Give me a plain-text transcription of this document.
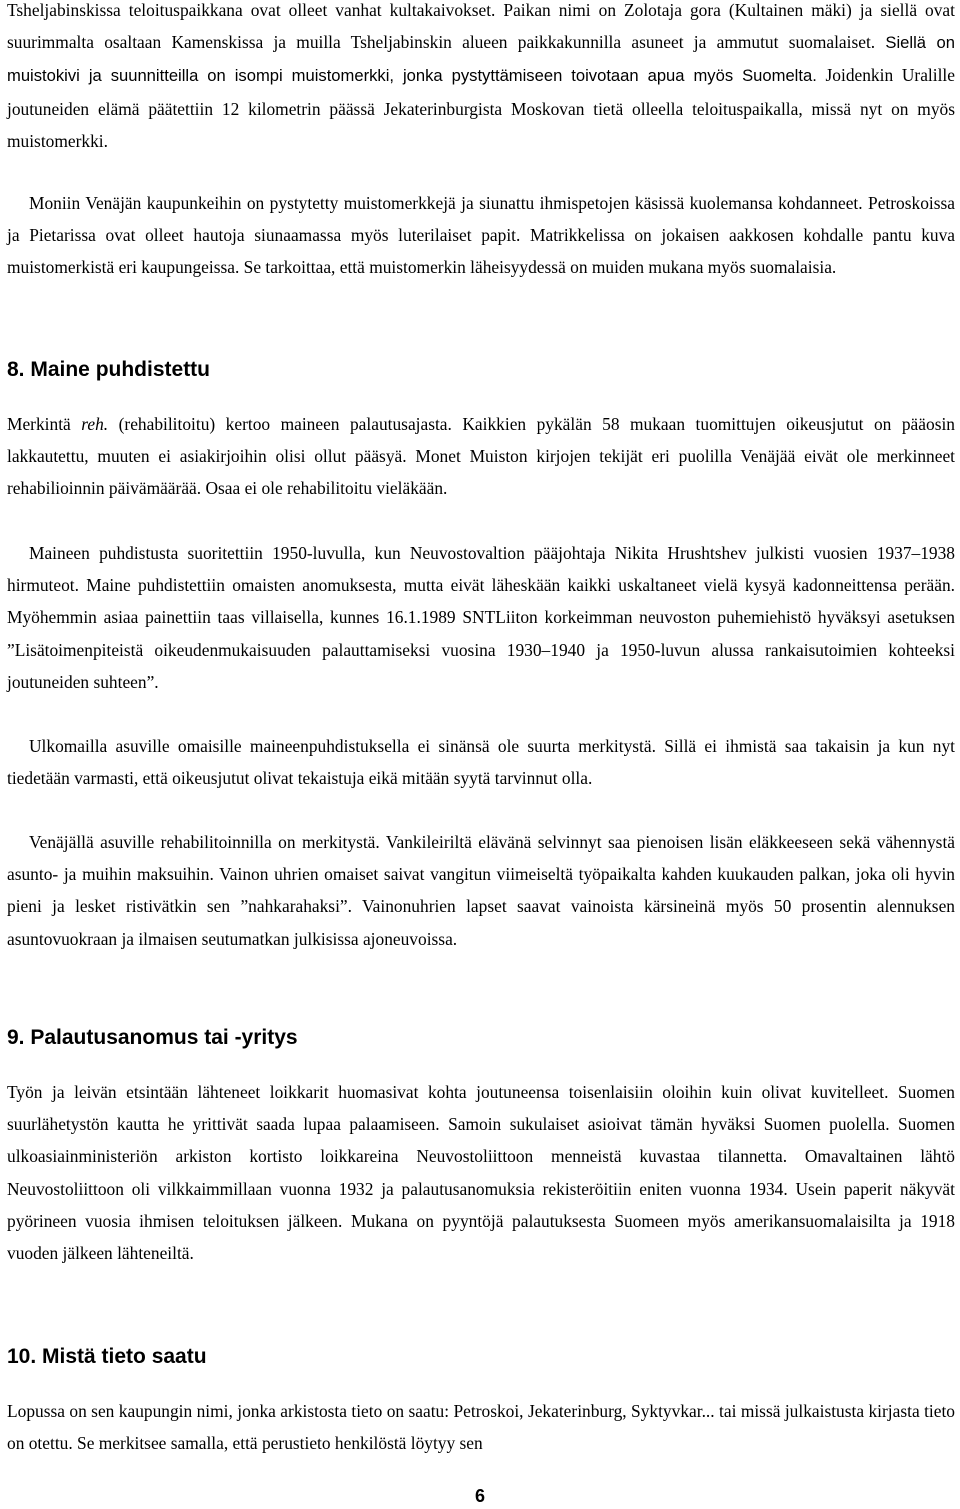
Tsheljabinskissa teloituspaikkana ovat olleet vanhat kultakaivokset. Paikan nimi on Zolotaja gora (Kultainen mäki) ja siellä ovat suurimmalta osaltaan Kamenskissa ja muilla Tsheljabinskin alueen paikkakunnilla asuneet ja ammutut suomalaiset. Siellä on muistokivi ja suunnitteilla on isompi muistomerkki, jonka pystyttämiseen toivotaan apua myös Suomelta. Joidenkin Uralille joutuneiden elämä päätettiin 12 kilometrin päässä Jekaterinburgista Moskovan tietä olleella teloituspaikalla, missä nyt on myös muistomerkki.

Moniin Venäjän kaupunkeihin on pystytetty muistomerkkejä ja siunattu ihmispetojen käsissä kuolemansa kohdanneet. Petroskoissa ja Pietarissa ovat olleet hautoja siunaamassa myös luterilaiset papit. Matrikkelissa on jokaisen aakkosen kohdalle pantu kuva muistomerkistä eri kaupungeissa. Se tarkoittaa, että muistomerkin läheisyydessä on muiden mukana myös suomalaisia.

8. Maine puhdistettu

Merkintä reh. (rehabilitoitu) kertoo maineen palautusajasta. Kaikkien pykälän 58 mukaan tuomittujen oikeusjutut on pääosin lakkautettu, muuten ei asiakirjoihin olisi ollut pääsyä. Monet Muiston kirjojen tekijät eri puolilla Venäjää eivät ole merkinneet rehabilioinnin päivämäärää. Osaa ei ole rehabilitoitu vieläkään.

Maineen puhdistusta suoritettiin 1950-luvulla, kun Neuvostovaltion pääjohtaja Nikita Hrushtshev julkisti vuosien 1937–1938 hirmuteot. Maine puhdistettiin omaisten anomuksesta, mutta eivät läheskään kaikki uskaltaneet vielä kysyä kadonneittensa perään. Myöhemmin asiaa painettiin taas villaisella, kunnes 16.1.1989 SNTLiiton korkeimman neuvoston puhemiehistö hyväksyi asetuksen ”Lisätoimenpiteistä oikeudenmukaisuuden palauttamiseksi vuosina 1930–1940 ja 1950-luvun alussa rankaisutoimien kohteeksi joutuneiden suhteen”.

Ulkomailla asuville omaisille maineenpuhdistuksella ei sinänsä ole suurta merkitystä. Sillä ei ihmistä saa takaisin ja kun nyt tiedetään varmasti, että oikeusjutut olivat tekaistuja eikä mitään syytä tarvinnut olla.

Venäjällä asuville rehabilitoinnilla on merkitystä. Vankileiriltä elävänä selvinnyt saa pienoisen lisän eläkkeeseen sekä vähennystä asunto- ja muihin maksuihin. Vainon uhrien omaiset saivat vangitun viimeiseltä työpaikalta kahden kuukauden palkan, joka oli hyvin pieni ja lesket ristivätkin sen ”nahkarahaksi”. Vainonuhrien lapset saavat vainoista kärsineinä myös 50 prosentin alennuksen asuntovuokraan ja ilmaisen seutumatkan julkisissa ajoneuvoissa.

9. Palautusanomus tai -yritys

Työn ja leivän etsintään lähteneet loikkarit huomasivat kohta joutuneensa toisenlaisiin oloihin kuin olivat kuvitelleet. Suomen suurlähetystön kautta he yrittivät saada lupaa palaamiseen. Samoin sukulaiset asioivat tämän hyväksi Suomen puolella. Suomen ulkoasiainministeriön arkiston kortisto loikkareina Neuvostoliittoon menneistä kuvastaa tilannetta. Omavaltainen lähtö Neuvostoliittoon oli vilkkaimmillaan vuonna 1932 ja palautusanomuksia rekisteröitiin eniten vuonna 1934. Usein paperit näkyvät pyörineen vuosia ihmisen teloituksen jälkeen. Mukana on pyyntöjä palautuksesta Suomeen myös amerikansuomalaisilta ja 1918 vuoden jälkeen lähteneiltä.

10. Mistä tieto saatu

Lopussa on sen kaupungin nimi, jonka arkistosta tieto on saatu: Petroskoi, Jekaterinburg, Syktyvkar... tai missä julkaistusta kirjasta tieto on otettu. Se merkitsee samalla, että perustieto henkilöstä löytyy sen

6
